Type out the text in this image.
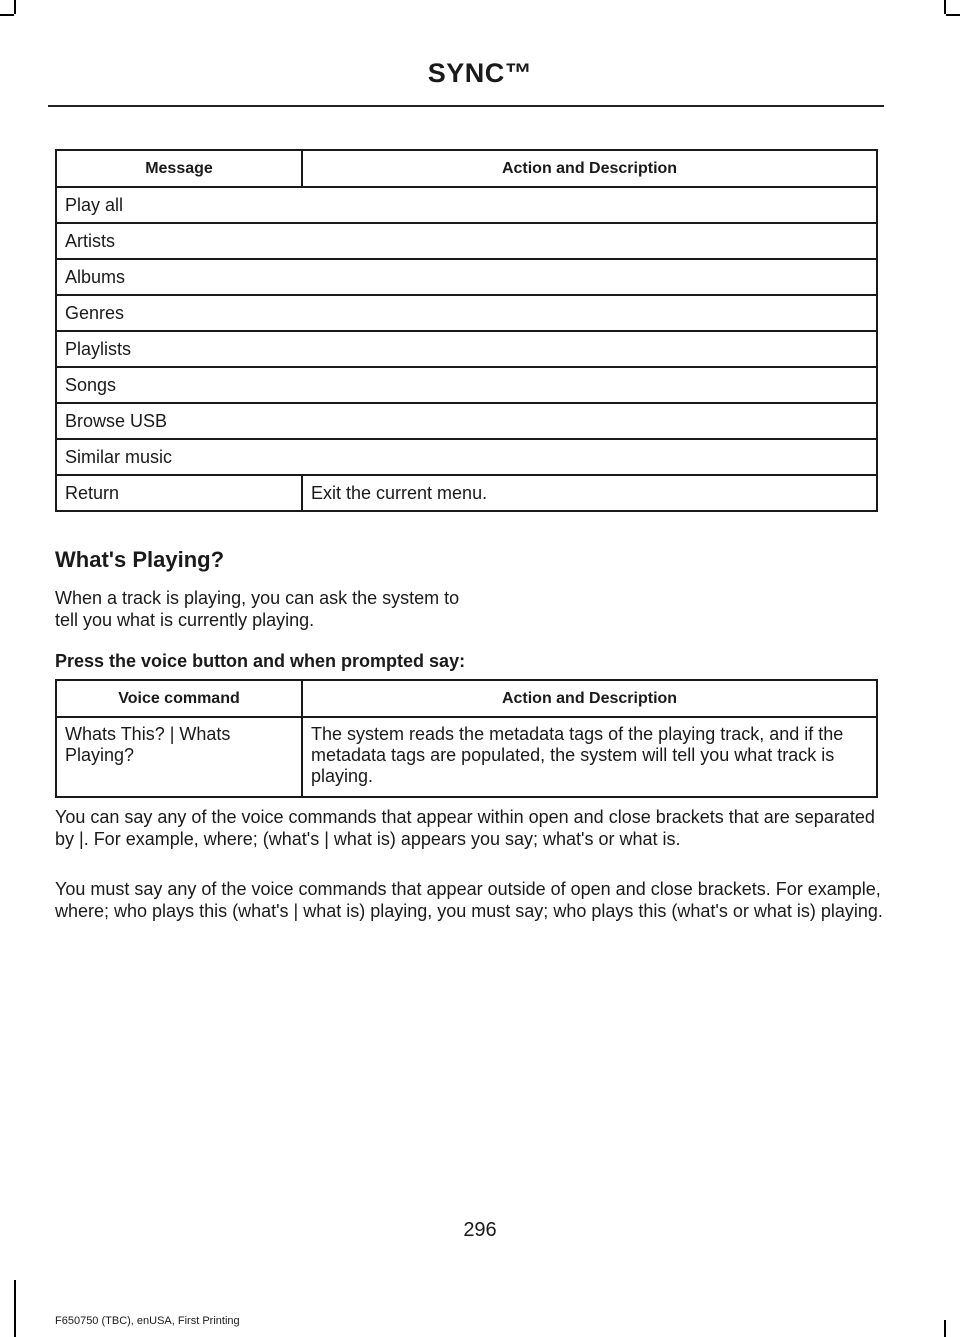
SYNC™
Message	Action and Description
Play all	
Artists	
Albums	
Genres	
Playlists	
Songs	
Browse USB	
Similar music	
Return	Exit the current menu.
What's Playing?

When a track is playing, you can ask the system to tell you what is currently playing.

Press the voice button and when prompted say:

Voice command	Action and Description
Whats This? | Whats Playing?	The system reads the metadata tags of the playing track, and if the metadata tags are populated, the system will tell you what track is playing.

You can say any of the voice commands that appear within open and close brackets that are separated by |. For example, where; (what's | what is) appears you say; what's or what is.

You must say any of the voice commands that appear outside of open and close brackets. For example, where; who plays this (what's | what is) playing, you must say; who plays this (what's or what is) playing.

296
F650750 (TBC), enUSA, First Printing
